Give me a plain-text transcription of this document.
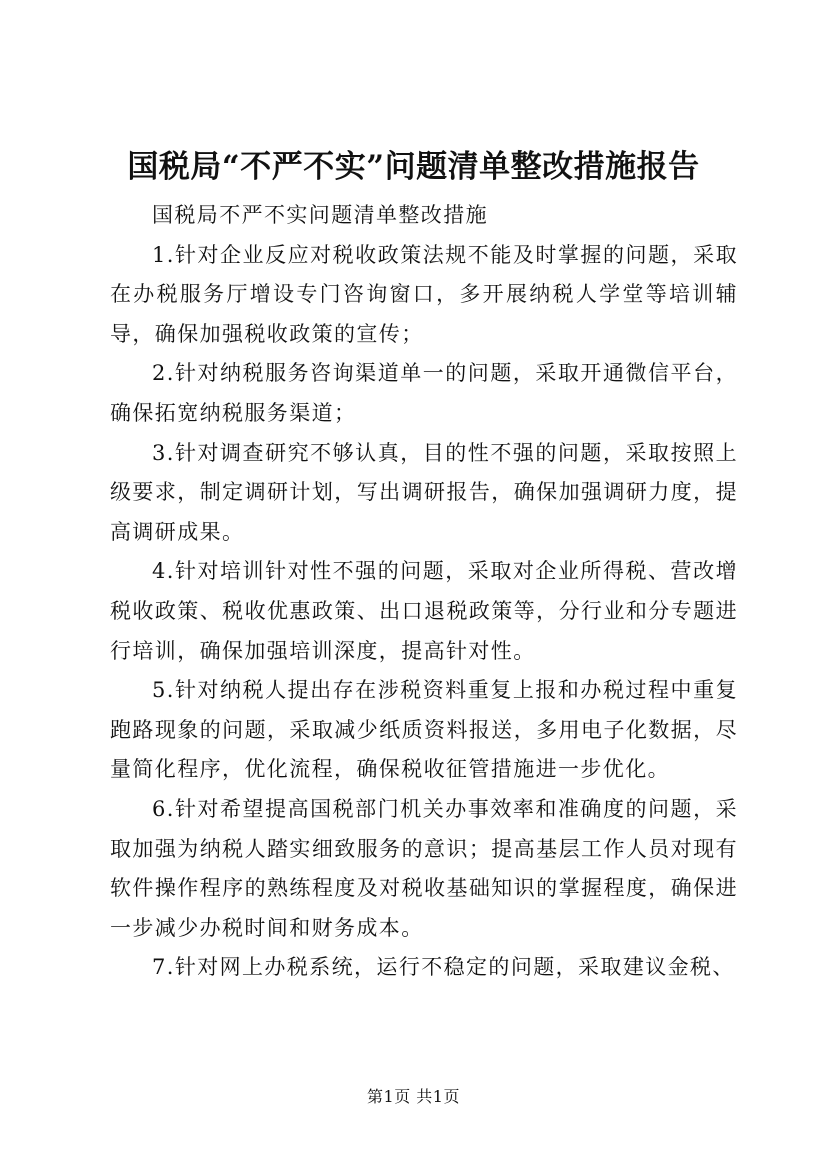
国税局“不严不实”问题清单整改措施报告

国税局不严不实问题清单整改措施

1.针对企业反应对税收政策法规不能及时掌握的问题，采取在办税服务厅增设专门咨询窗口，多开展纳税人学堂等培训辅导，确保加强税收政策的宣传；

2.针对纳税服务咨询渠道单一的问题，采取开通微信平台，确保拓宽纳税服务渠道；

3.针对调查研究不够认真，目的性不强的问题，采取按照上级要求，制定调研计划，写出调研报告，确保加强调研力度，提高调研成果。

4.针对培训针对性不强的问题，采取对企业所得税、营改增税收政策、税收优惠政策、出口退税政策等，分行业和分专题进行培训，确保加强培训深度，提高针对性。

5.针对纳税人提出存在涉税资料重复上报和办税过程中重复跑路现象的问题，采取减少纸质资料报送，多用电子化数据，尽量简化程序，优化流程，确保税收征管措施进一步优化。

6.针对希望提高国税部门机关办事效率和准确度的问题，采取加强为纳税人踏实细致服务的意识；提高基层工作人员对现有软件操作程序的熟练程度及对税收基础知识的掌握程度，确保进一步减少办税时间和财务成本。

7.针对网上办税系统，运行不稳定的问题，采取建议金税、

第1页 共1页
